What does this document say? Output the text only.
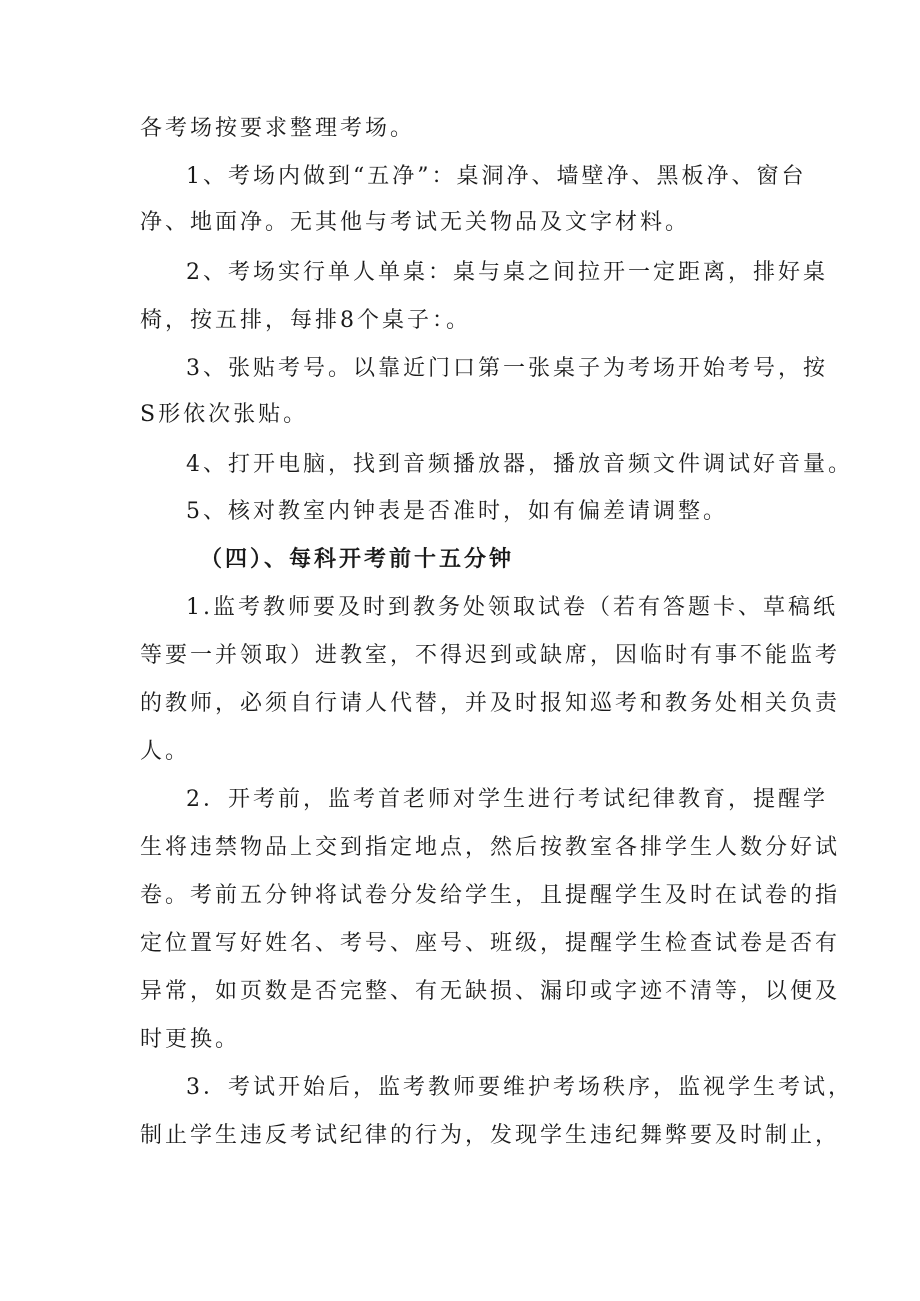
各考场按要求整理考场。
1、考场内做到“五净”：桌洞净、墙壁净、黑板净、窗台
净、地面净。无其他与考试无关物品及文字材料。
2、考场实行单人单桌：桌与桌之间拉开一定距离，排好桌
椅，按五排，每排8个桌子：。
3、张贴考号。以靠近门口第一张桌子为考场开始考号，按
S形依次张贴。
4、打开电脑，找到音频播放器，播放音频文件调试好音量。
5、核对教室内钟表是否准时，如有偏差请调整。
（四）、每科开考前十五分钟
1.监考教师要及时到教务处领取试卷（若有答题卡、草稿纸
等要一并领取）进教室，不得迟到或缺席，因临时有事不能监考
的教师，必须自行请人代替，并及时报知巡考和教务处相关负责
人。
2．开考前，监考首老师对学生进行考试纪律教育，提醒学
生将违禁物品上交到指定地点，然后按教室各排学生人数分好试
卷。考前五分钟将试卷分发给学生，且提醒学生及时在试卷的指
定位置写好姓名、考号、座号、班级，提醒学生检查试卷是否有
异常，如页数是否完整、有无缺损、漏印或字迹不清等，以便及
时更换。
3．考试开始后，监考教师要维护考场秩序，监视学生考试，
制止学生违反考试纪律的行为，发现学生违纪舞弊要及时制止，
